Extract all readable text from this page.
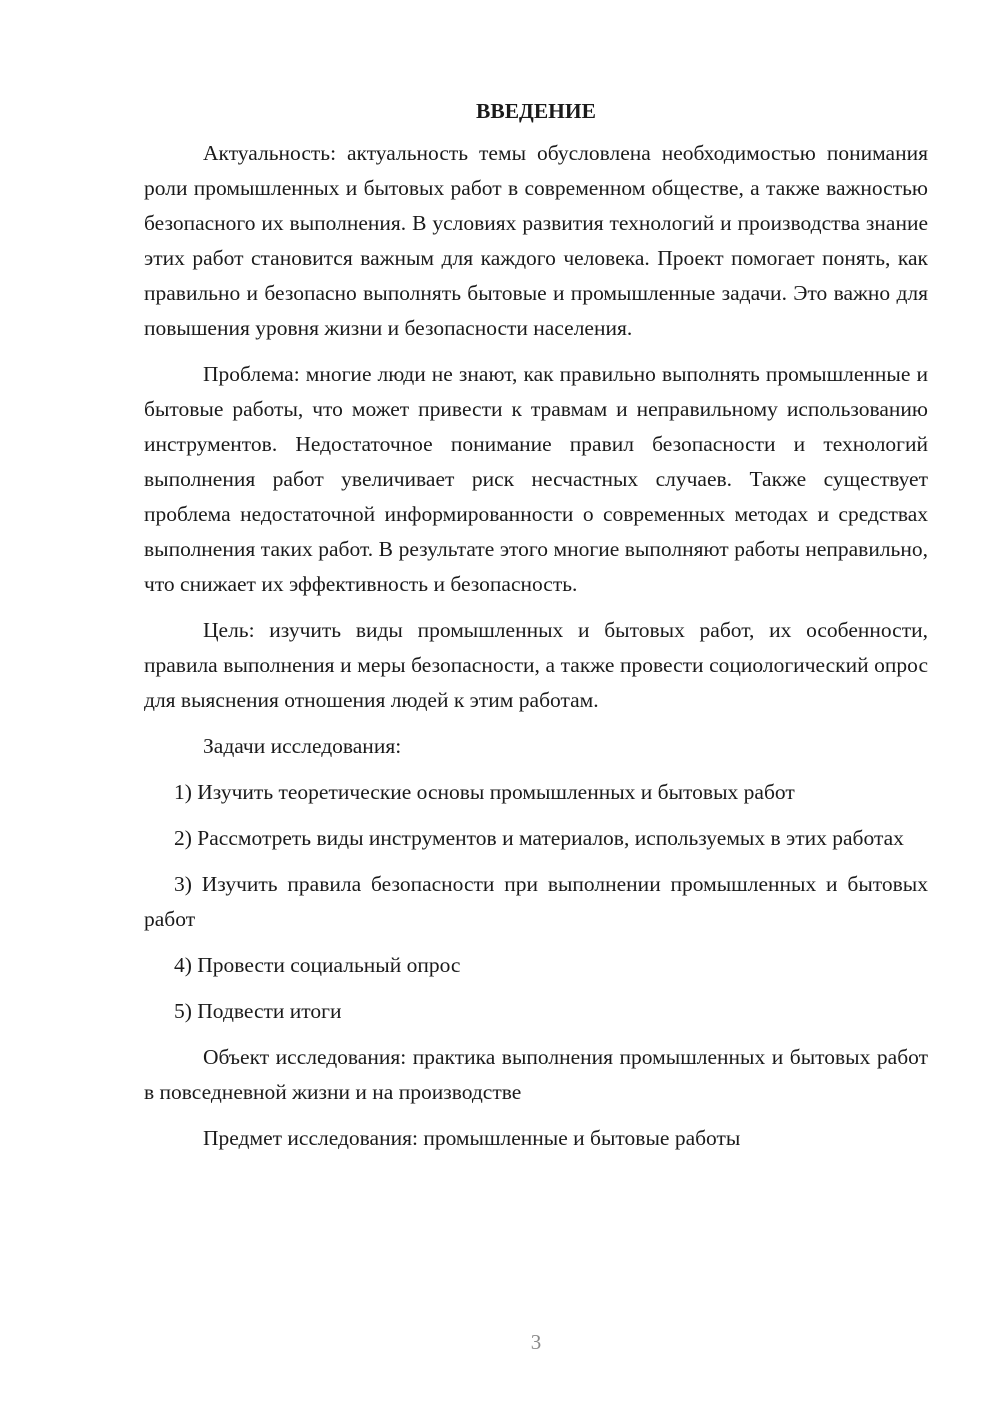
ВВЕДЕНИЕ

Актуальность: актуальность темы обусловлена необходимостью понимания роли промышленных и бытовых работ в современном обществе, а также важностью безопасного их выполнения. В условиях развития технологий и производства знание этих работ становится важным для каждого человека. Проект помогает понять, как правильно и безопасно выполнять бытовые и промышленные задачи. Это важно для повышения уровня жизни и безопасности населения.

Проблема: многие люди не знают, как правильно выполнять промышленные и бытовые работы, что может привести к травмам и неправильному использованию инструментов. Недостаточное понимание правил безопасности и технологий выполнения работ увеличивает риск несчастных случаев. Также существует проблема недостаточной информированности о современных методах и средствах выполнения таких работ. В результате этого многие выполняют работы неправильно, что снижает их эффективность и безопасность.

Цель: изучить виды промышленных и бытовых работ, их особенности, правила выполнения и меры безопасности, а также провести социологический опрос для выяснения отношения людей к этим работам.

Задачи исследования:

1) Изучить теоретические основы промышленных и бытовых работ

2) Рассмотреть виды инструментов и материалов, используемых в этих работах

3) Изучить правила безопасности при выполнении промышленных и бытовых работ

4) Провести социальный опрос

5) Подвести итоги

Объект исследования: практика выполнения промышленных и бытовых работ в повседневной жизни и на производстве

Предмет исследования: промышленные и бытовые работы

3
